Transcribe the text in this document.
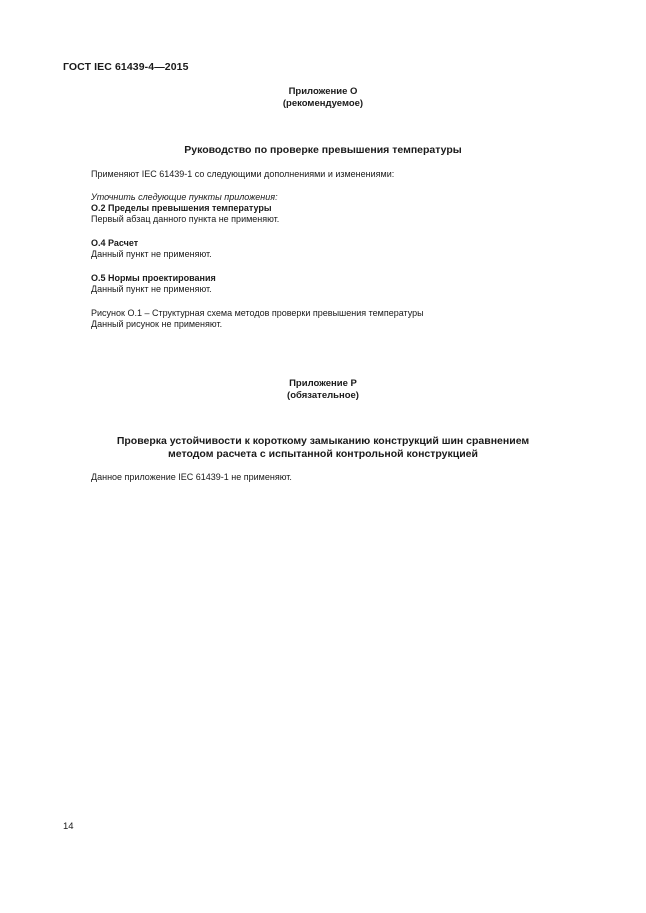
ГОСТ IEC 61439-4—2015
Приложение О
(рекомендуемое)
Руководство по проверке превышения температуры
Применяют IEC 61439-1 со следующими дополнениями и изменениями:
Уточнить следующие пункты приложения:
О.2 Пределы превышения температуры
Первый абзац данного пункта не применяют.
О.4 Расчет
Данный пункт не применяют.
О.5 Нормы проектирования
Данный пункт не применяют.
Рисунок О.1 – Структурная схема методов проверки превышения температуры
Данный рисунок не применяют.
Приложение Р
(обязательное)
Проверка устойчивости к короткому замыканию конструкций шин сравнением
методом расчета с испытанной контрольной конструкцией
Данное приложение IEC 61439-1 не применяют.
14
